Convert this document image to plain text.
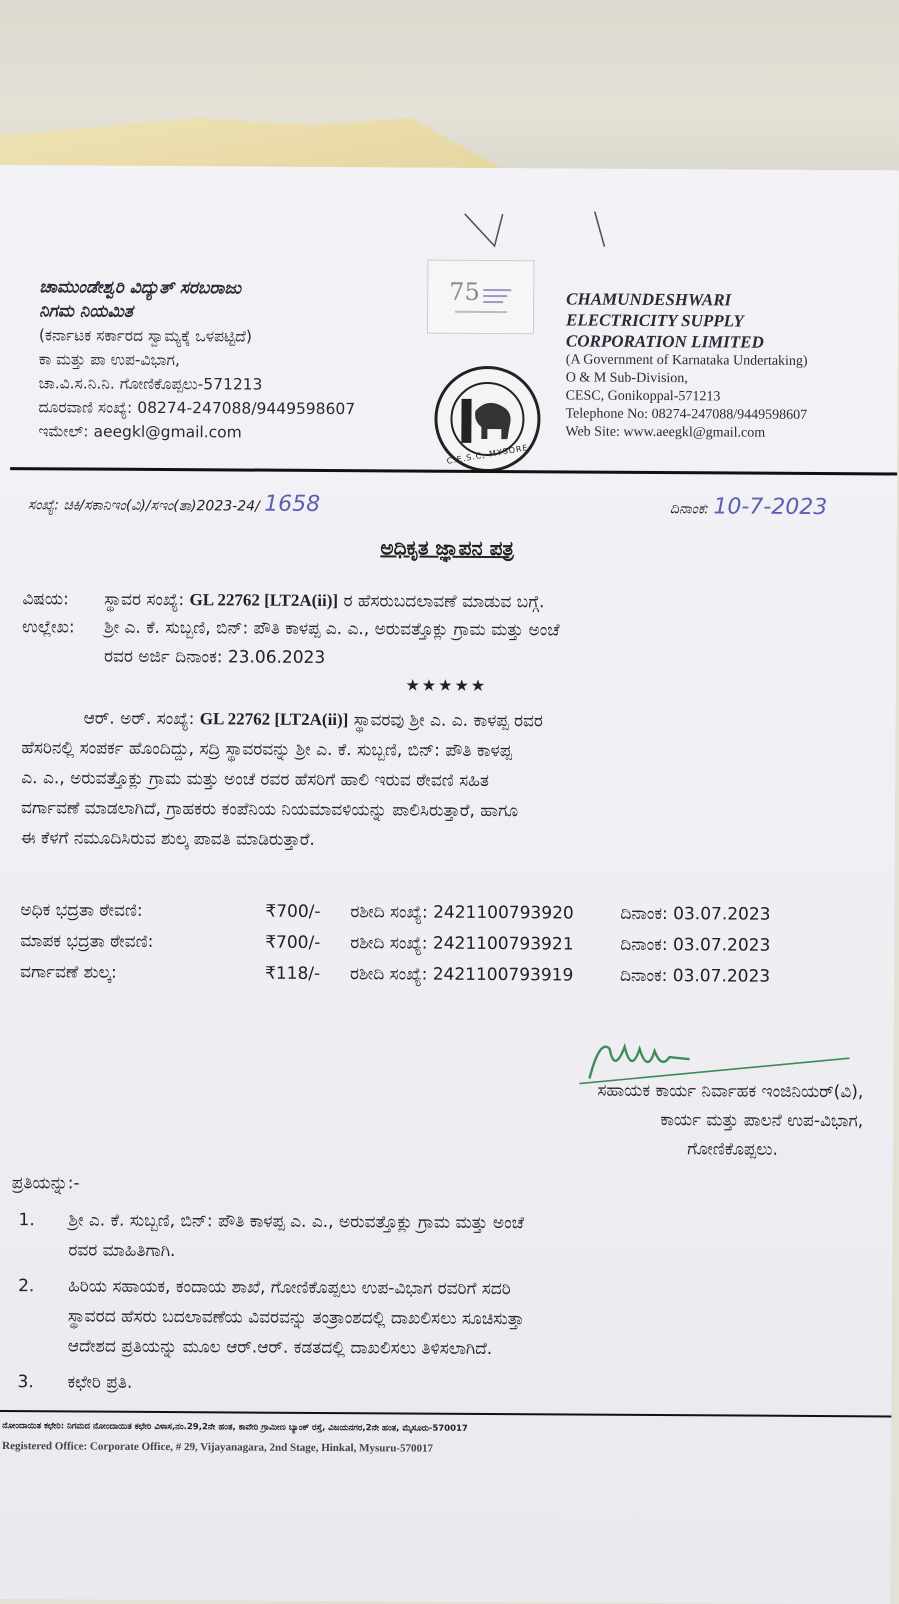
ಚಾಮುಂಡೇಶ್ವರಿ ವಿದ್ಯುತ್ ಸರಬರಾಜು
ನಿಗಮ ನಿಯಮಿತ
(ಕರ್ನಾಟಕ ಸರ್ಕಾರದ ಸ್ವಾಮ್ಯಕ್ಕೆ ಒಳಪಟ್ಟಿದೆ)
ಕಾ ಮತ್ತು ಪಾ ಉಪ-ವಿಭಾಗ,
ಚಾ.ವಿ.ಸ.ನಿ.ನಿ. ಗೋಣಿಕೊಪ್ಪಲು-571213
ದೂರವಾಣಿ ಸಂಖ್ಯೆ: 08274-247088/9449598607
ಇಮೇಲ್: aeegkl@gmail.com
75
C.E.S.C, MYSORE
CHAMUNDESHWARI
ELECTRICITY SUPPLY
CORPORATION LIMITED
(A Government of Karnataka Undertaking)
O & M Sub-Division,
CESC, Gonikoppal-571213
Telephone No: 08274-247088/9449598607
Web Site: www.aeegkl@gmail.com
ಸಂಖ್ಯೆ: ಚಿಕಿ/ಸಕಾನಿಇಂ(ವಿ)/ಸಇಂ(ತಾ)2023-24/ 1658	ದಿನಾಂಕ: 10-7-2023
ಅಧಿಕೃತ ಜ್ಞಾಪನ ಪತ್ರ
ವಿಷಯ: ಸ್ಥಾವರ ಸಂಖ್ಯೆ: GL 22762 [LT2A(ii)] ರ ಹೆಸರುಬದಲಾವಣೆ ಮಾಡುವ ಬಗ್ಗೆ.
ಉಲ್ಲೇಖ: ಶ್ರೀ ಎ. ಕೆ. ಸುಬ್ಬಣಿ, ಬಿನ್: ಪೌತಿ ಕಾಳಪ್ಪ ಎ. ಎ., ಅರುವತ್ತೊಕ್ಲು ಗ್ರಾಮ ಮತ್ತು ಅಂಚೆ
ರವರ ಅರ್ಜಿ ದಿನಾಂಕ: 23.06.2023
★★★★★
ಆರ್. ಅರ್. ಸಂಖ್ಯೆ: GL 22762 [LT2A(ii)] ಸ್ಥಾವರವು ಶ್ರೀ ಎ. ಎ. ಕಾಳಪ್ಪ ರವರ
ಹೆಸರಿನಲ್ಲಿ ಸಂಪರ್ಕ ಹೊಂದಿದ್ದು, ಸದ್ರಿ ಸ್ಥಾವರವನ್ನು ಶ್ರೀ ಎ. ಕೆ. ಸುಬ್ಬಣಿ, ಬಿನ್: ಪೌತಿ ಕಾಳಪ್ಪ
ಎ. ಎ., ಅರುವತ್ತೊಕ್ಲು ಗ್ರಾಮ ಮತ್ತು ಅಂಚೆ ರವರ ಹೆಸರಿಗೆ ಹಾಲಿ ಇರುವ ಠೇವಣಿ ಸಹಿತ
ವರ್ಗಾವಣೆ ಮಾಡಲಾಗಿದೆ, ಗ್ರಾಹಕರು ಕಂಪೆನಿಯ ನಿಯಮಾವಳಿಯನ್ನು ಪಾಲಿಸಿರುತ್ತಾರೆ, ಹಾಗೂ
ಈ ಕೆಳಗೆ ನಮೂದಿಸಿರುವ ಶುಲ್ಕ ಪಾವತಿ ಮಾಡಿರುತ್ತಾರೆ.
ಅಧಿಕ ಭದ್ರತಾ ಠೇವಣಿ:	₹700/- ರಶೀದಿ ಸಂಖ್ಯೆ: 2421100793920	ದಿನಾಂಕ: 03.07.2023
ಮಾಪಕ ಭದ್ರತಾ ಠೇವಣಿ:	₹700/- ರಶೀದಿ ಸಂಖ್ಯೆ: 2421100793921	ದಿನಾಂಕ: 03.07.2023
ವರ್ಗಾವಣೆ ಶುಲ್ಕ:	₹118/- ರಶೀದಿ ಸಂಖ್ಯೆ: 2421100793919	ದಿನಾಂಕ: 03.07.2023
ಸಹಾಯಕ ಕಾರ್ಯ ನಿರ್ವಾಹಕ ಇಂಜಿನಿಯರ್(ವಿ),
ಕಾರ್ಯ ಮತ್ತು ಪಾಲನೆ ಉಪ-ವಿಭಾಗ,
ಗೋಣಿಕೊಪ್ಪಲು.
ಪ್ರತಿಯನ್ನು:-
1. ಶ್ರೀ ಎ. ಕೆ. ಸುಬ್ಬಣಿ, ಬಿನ್: ಪೌತಿ ಕಾಳಪ್ಪ ಎ. ಎ., ಅರುವತ್ತೊಕ್ಲು ಗ್ರಾಮ ಮತ್ತು ಅಂಚೆ
ರವರ ಮಾಹಿತಿಗಾಗಿ.
2. ಹಿರಿಯ ಸಹಾಯಕ, ಕಂದಾಯ ಶಾಖೆ, ಗೋಣಿಕೊಪ್ಪಲು ಉಪ-ವಿಭಾಗ ರವರಿಗೆ ಸದರಿ
ಸ್ಥಾವರದ ಹೆಸರು ಬದಲಾವಣೆಯ ವಿವರವನ್ನು ತಂತ್ರಾಂಶದಲ್ಲಿ ದಾಖಲಿಸಲು ಸೂಚಿಸುತ್ತಾ
ಆದೇಶದ ಪ್ರತಿಯನ್ನು ಮೂಲ ಆರ್.ಆರ್. ಕಡತದಲ್ಲಿ ದಾಖಲಿಸಲು ತಿಳಿಸಲಾಗಿದೆ.
3. ಕಛೇರಿ ಪ್ರತಿ.
ನೋಂದಾಯಿತ ಕಛೇರಿ: ನಿಗಮದ ನೋಂದಾಯಿತ ಕಛೇರಿ ವಿಳಾಸ,ನಂ.29,2ನೇ ಹಂತ, ಕಾವೇರಿ ಗ್ರಾಮೀಣ ಬ್ಯಾಂಕ್ ರಸ್ತೆ, ವಿಜಯನಗರ,2ನೇ ಹಂತ, ಮೈಸೂರು-570017
Registered Office: Corporate Office, # 29, Vijayanagara, 2nd Stage, Hinkal, Mysuru-570017
